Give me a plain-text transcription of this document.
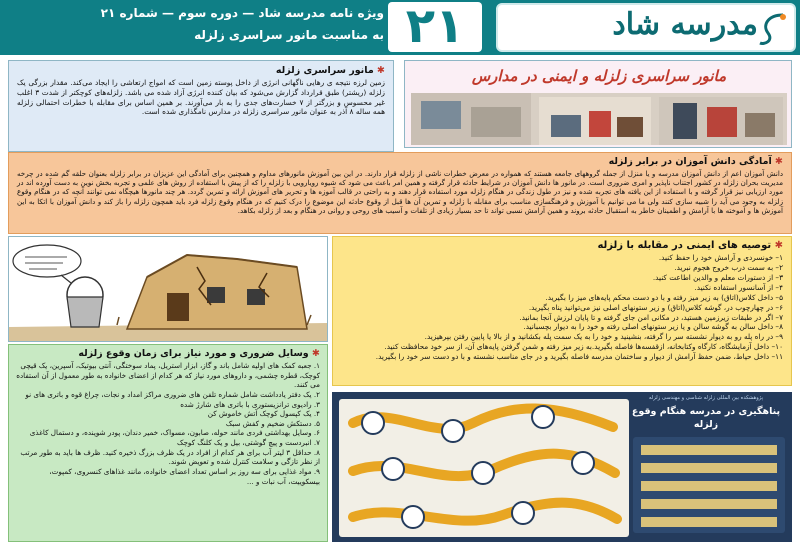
مدرسه شاد
۲۱
ویژه نامه مدرسه شاد — دوره سوم — شماره ۲۱
به مناسبت مانور سراسری زلزله
✱ مانور سراسری زلزله

زمین لرزه نتیجه ی رهایی ناگهانی انرژی از داخل پوسته زمین است که امواج ارتعاشی را ایجاد می‌کند. مقدار بزرگی یک زلزله (ریشتر) طبق قرارداد گزارش می‌شود که بیان کننده انرژی آزاد شده می باشد. زلزله‌های کوچکتر از شدت ۳ اغلب غیر محسوس و بزرگتر از ۷ خسارت‌های جدی را به بار می‌آورند. بر همین اساس برای مقابله با خطرات احتمالی زلزله همه ساله ۸ آذر به عنوان مانور سراسری زلزله در مدارس نامگذاری شده است.

مانور سراسری زلزله و ایمنی در مدارس
✱ آمادگی دانش آموزان در برابر زلزله

دانش آموزان اعم از دانش آموزان مدرسه و یا منزل از جمله گروههای جامعه هستند که همواره در معرض خطرات ناشی از زلزله قرار دارند. در این بین آموزش مانورهای مداوم و همچنین برای آمادگی این عزیزان در برابر زلزله بعنوان حلقه گم شده در چرخه مدیریت بحران زلزله در کشور اجتناب ناپذیر و امری ضروری است. در مانور ها دانش آموزان در شرایط حادثه قرار گرفته و همین امر باعث می شود که شیوه رویارویی با زلزله را که از پیش با استفاده از روش های علمی و تجربه بخش نوین به دست آورده اند در مورد ارزیابی نیز قرار گرفته و با استفاده از این یافته های تجربه شده و نیز در طول زندگی در هنگام زلزله مورد استفاده قرار دهند و به راحتی در قالب آموزه ها و تحریر های آموزش ارائه و تمرین گردد. هر چند مانورها هیچگاه نمی توانند آنچه که در هنگام وقوع زلزله به وجود می آید را شبیه سازی کنند ولی ما می توانیم با آموزش و فرهنگسازی مناسب برای مقابله با زلزله و تمرین آن ها قبل از وقوع حادثه این موضوع را درک کنیم که در هنگام وقوع زلزله فرد باید همچون زلزله را باز کند و دانش آموزان با اتکا به این آموزش ها و آموخته ها با آرامش و اطمینان خاطر به استقبال حادثه بروند و همین آرامش نسبی تواند تا حد بسیار زیادی از تلفات و آسیب های روحی و روانی در هنگام و بعد از زلزله بکاهد.

✱ توصیه های ایمنی در مقابله با زلزله
۱– خونسردی و آرامش خود را حفظ کنید.
۲– به سمت درب خروج هجوم نبرید.
۳– از دستورات معلم و والدین اطاعت کنید.
۴– از آسانسور استفاده نکنید.
۵– داخل کلاس(اتاق) به زیر میز رفته و با دو دست محکم پایه‌های میز را بگیرید.
۶– در چهارچوب در، گوشه کلاس(اتاق) و زیر ستونهای اصلی نیز می‌توانید پناه بگیرید.
۷– اگر در طبقات زیرزمین هستید، در مکانی امن جای گرفته و تا پایان لرزش آنجا بمانید.
۸– داخل سالن به گوشه سالن و یا زیر ستونهای اصلی رفته و خود را به دیوار بچسبانید.
۹– در راه پله رو به دیوار نشسته سر را گرفته، بنشینید و خود را به یک سمت پله بکشانید و از بالا یا پایین رفتن بپرهیزید.
۱۰– داخل آزمایشگاه، کارگاه وکتابخانه، ازقفسه‌ها فاصله بگیرید.به زیر میز رفته و شمن گرفتن پایه‌های آن، از سر خود محافظت کنید.
۱۱– داخل حیاط، ضمن حفظ آرامش از دیوار و ساختمان مدرسه فاصله بگیرید و در جای مناسب نشسته و با دو دست سر خود را بگیرید.
✱ وسایل ضروری و مورد نیاز برای زمان وقوع زلزله
۱. جعبه کمک های اولیه شامل باند و گاز، ابزار استریل، پماد سوختگی، آنتی بیوتیک، آسپرین، یک قیچی کوچک، قطره چشمی، و داروهای مورد نیاز که هر کدام از اعضای خانواده به طور معمول از آن استفاده می کنند.
۲. یک دفتر یادداشت شامل شماره تلفن های ضروری مراکز امداد و نجات، چراغ قوه و باتری های نو
۳. رادیوی ترانزیستوری با باتری های شارژ شده
۴. یک کپسول کوچک آتش خاموش کن
۵. دستکش ضخیم و کفش سبک
۶. وسایل بهداشتی فردی مانند حوله، صابون، مسواک، خمیر دندان، پودر شوینده، و دستمال کاغذی
۷. انبردست و پیچ گوشتی، بیل و یک کلنگ کوچک
۸. حداقل ۳ لیتر آب برای هر کدام از افراد در یک ظرف بزرگ ذخیره کنید. ظرف ها باید به طور مرتب از نظر تازگی و سلامت کنترل شده و تعویض شوند.
۹. مواد غذایی برای سه روز بر اساس تعداد اعضای خانواده، مانند غذاهای کنسروی، کمپوت، بیسکوییت، آب نبات و ...
پژوهشکده بین المللی زلزله شناسی و مهندسی زلزله
پناهگیری در مدرسه هنگام وقوع زلزله
